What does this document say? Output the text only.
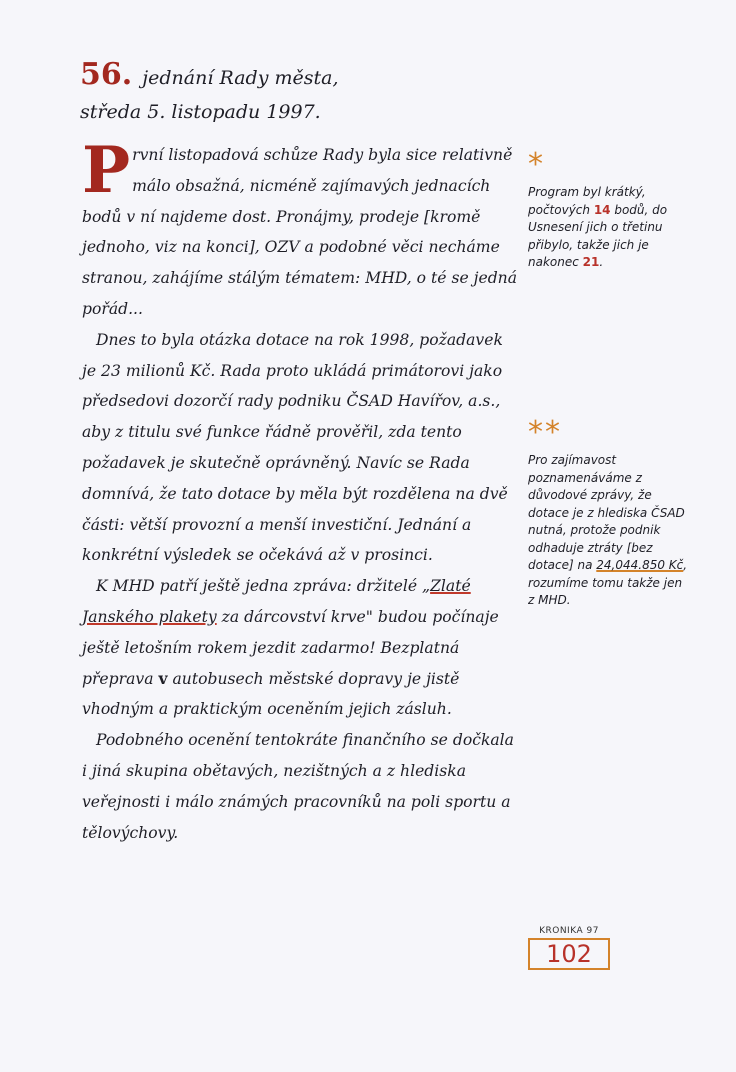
56. jednání Rady města,
středa 5. listopadu 1997.

První listopadová schůze Rady byla sice relativně málo obsažná, nicméně zajímavých jednacích bodů v ní najdeme dost. Pronájmy, prodeje [kromě jednoho, viz na konci], OZV a podobné věci necháme stranou, zahájíme stálým tématem: MHD, o té se jedná pořád...

Dnes to byla otázka dotace na rok 1998, požadavek je 23 milionů Kč. Rada proto ukládá primátorovi jako předsedovi dozorčí rady podniku ČSAD Havířov, a.s., aby z titulu své funkce řádně prověřil, zda tento požadavek je skutečně oprávněný. Navíc se Rada domnívá, že tato dotace by měla být rozdělena na dvě části: větší provozní a menší investiční. Jednání a konkrétní výsledek se očekává až v prosinci.

K MHD patří ještě jedna zpráva: držitelé „Zlaté Janského plakety za dárcovství krve" budou počínaje ještě letošním rokem jezdit zadarmo! Bezplatná přeprava v autobusech městské dopravy je jistě vhodným a praktickým oceněním jejich zásluh.

Podobného ocenění tentokráte finančního se dočkala i jiná skupina obětavých, nezištných a z hlediska veřejnosti i málo známých pracovníků na poli sportu a tělovýchovy.

*
Program byl krátký, počtových 14 bodů, do Usnesení jich o třetinu přibylo, takže jich je nakonec 21.
**
Pro zajímavost poznamenáváme z důvodové zprávy, že dotace je z hlediska ČSAD nutná, protože podnik odhaduje ztráty [bez dotace] na 24,044.850 Kč, rozumíme tomu takže jen z MHD.
KRONIKA 97
102
